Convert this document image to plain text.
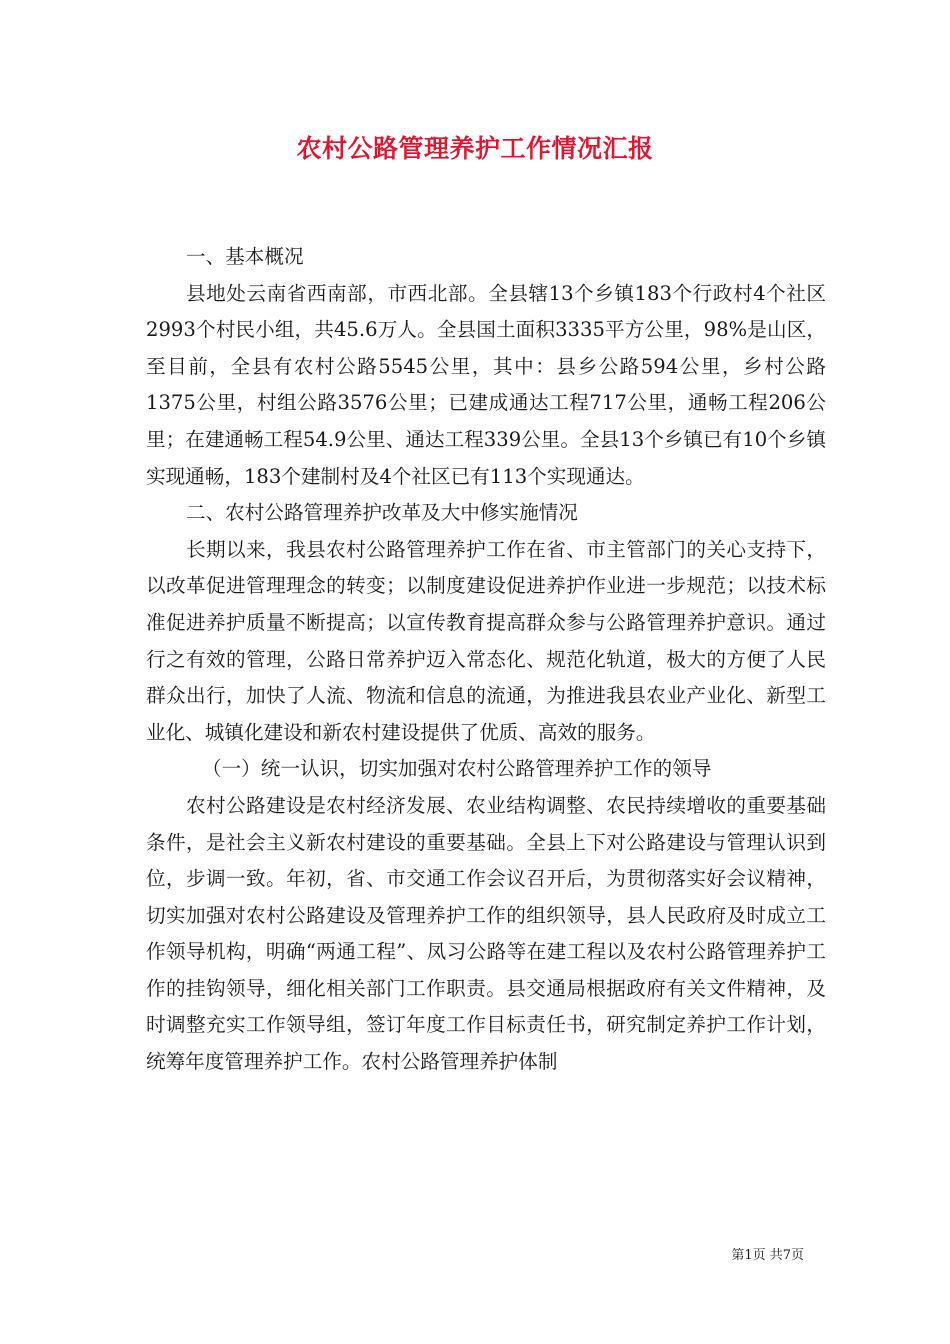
农村公路管理养护工作情况汇报

一、基本概况

县地处云南省西南部，市西北部。全县辖13个乡镇183个行政村4个社区2993个村民小组，共45.6万人。全县国土面积3335平方公里，98%是山区，至目前，全县有农村公路5545公里，其中：县乡公路594公里，乡村公路1375公里，村组公路3576公里；已建成通达工程717公里，通畅工程206公里；在建通畅工程54.9公里、通达工程339公里。全县13个乡镇已有10个乡镇实现通畅，183个建制村及4个社区已有113个实现通达。

二、农村公路管理养护改革及大中修实施情况

长期以来，我县农村公路管理养护工作在省、市主管部门的关心支持下，以改革促进管理理念的转变；以制度建设促进养护作业进一步规范；以技术标准促进养护质量不断提高；以宣传教育提高群众参与公路管理养护意识。通过行之有效的管理，公路日常养护迈入常态化、规范化轨道，极大的方便了人民群众出行，加快了人流、物流和信息的流通，为推进我县农业产业化、新型工业化、城镇化建设和新农村建设提供了优质、高效的服务。

（一）统一认识，切实加强对农村公路管理养护工作的领导

农村公路建设是农村经济发展、农业结构调整、农民持续增收的重要基础条件，是社会主义新农村建设的重要基础。全县上下对公路建设与管理认识到位，步调一致。年初，省、市交通工作会议召开后，为贯彻落实好会议精神，切实加强对农村公路建设及管理养护工作的组织领导，县人民政府及时成立工作领导机构，明确“两通工程”、凤习公路等在建工程以及农村公路管理养护工作的挂钩领导，细化相关部门工作职责。县交通局根据政府有关文件精神，及时调整充实工作领导组，签订年度工作目标责任书，研究制定养护工作计划，统筹年度管理养护工作。农村公路管理养护体制

第1页 共7页
